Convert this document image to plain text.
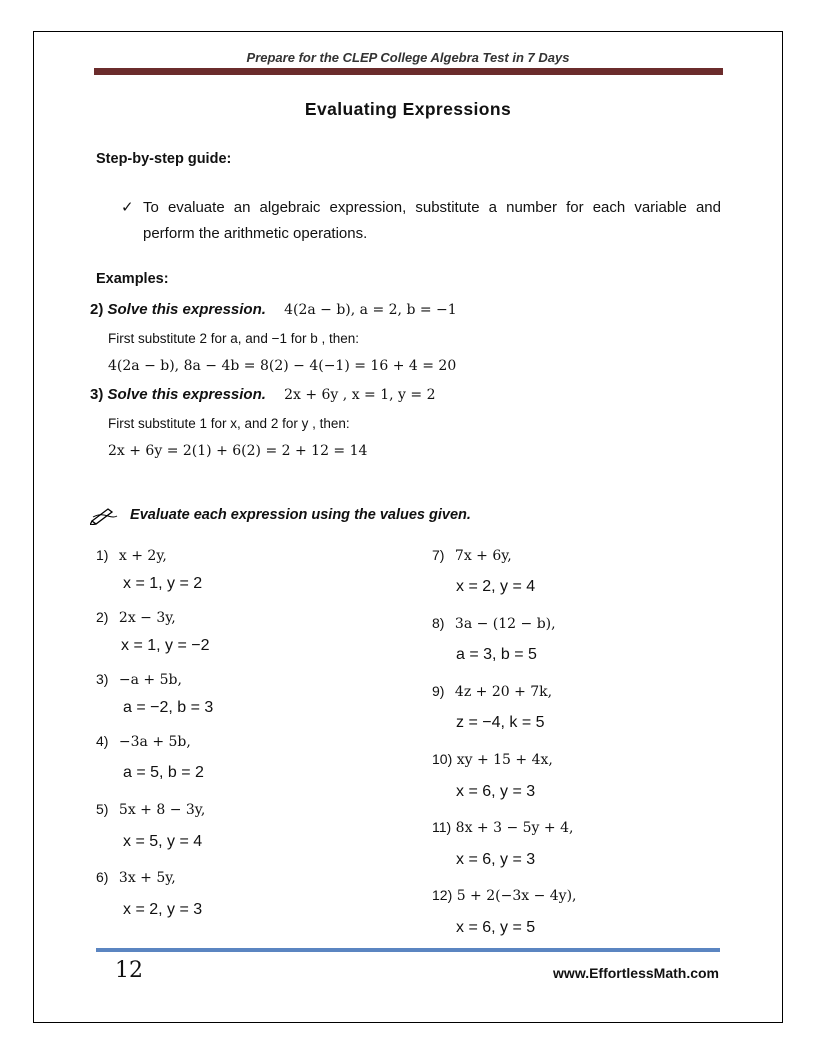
Prepare for the CLEP College Algebra Test in 7 Days
Evaluating Expressions
Step-by-step guide:
✓ To evaluate an algebraic expression, substitute a number for each variable and perform the arithmetic operations.
Examples:
2) Solve this expression. 4(2a − b), a = 2, b = −1
First substitute 2 for a, and −1 for b , then:
4(2a − b), 8a − 4b = 8(2) − 4(−1) = 16 + 4 = 20
3) Solve this expression. 2x + 6y , x = 1, y = 2
First substitute 1 for x, and 2 for y , then:
2x + 6y = 2(1) + 6(2) = 2 + 12 = 14
Evaluate each expression using the values given.
1) x + 2y,
x = 1, y = 2
2) 2x − 3y,
x = 1, y = −2
3) −a + 5b,
a = −2, b = 3
4) −3a + 5b,
a = 5, b = 2
5) 5x + 8 − 3y,
x = 5, y = 4
6) 3x + 5y,
x = 2, y = 3
7) 7x + 6y,
x = 2, y = 4
8) 3a − (12 − b),
a = 3, b = 5
9) 4z + 20 + 7k,
z = −4, k = 5
10) xy + 15 + 4x,
x = 6, y = 3
11) 8x + 3 − 5y + 4,
x = 6, y = 3
12) 5 + 2(−3x − 4y),
x = 6, y = 5
12	www.EffortlessMath.com
